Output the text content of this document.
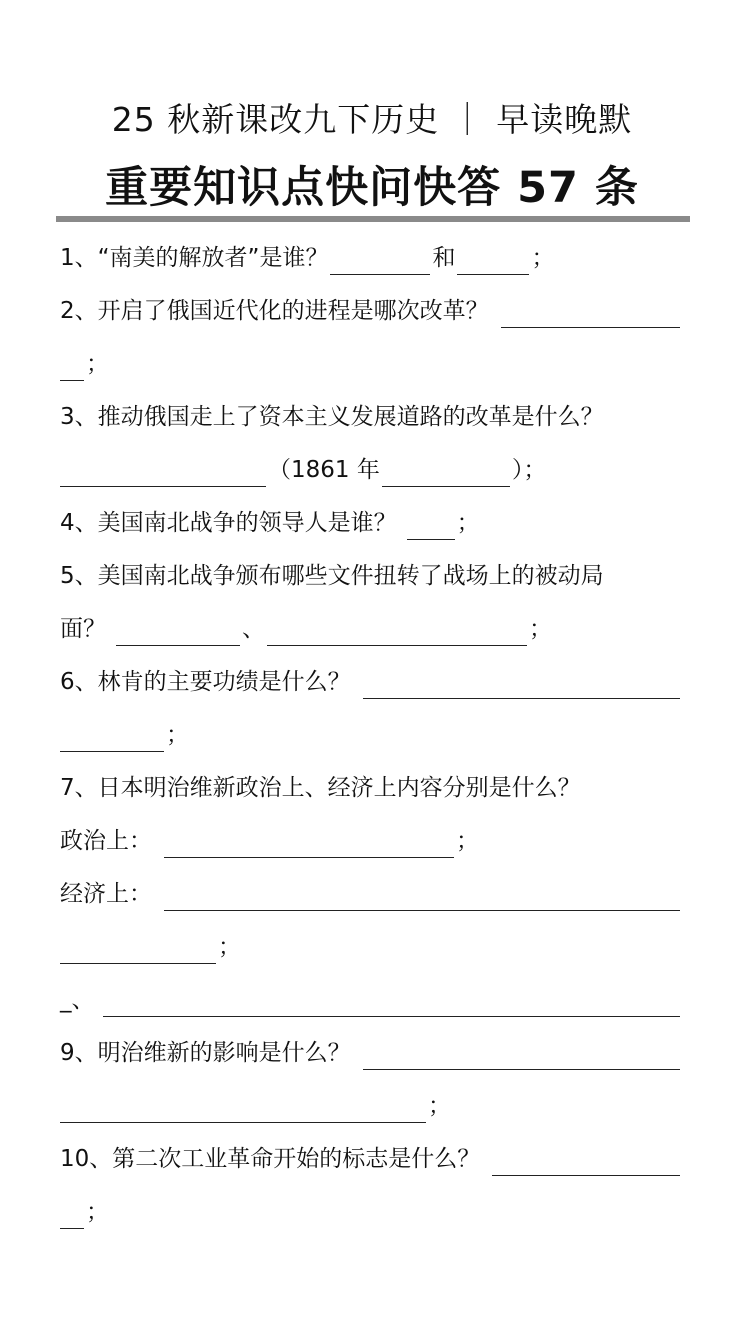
25 秋新课改九下历史 ｜ 早读晚默
重要知识点快问快答 57 条
1、“南美的解放者”是谁？	和	；
2、开启了俄国近代化的进程是哪次改革？
；
3、推动俄国走上了资本主义发展道路的改革是什么？
（1861 年	）；
4、美国南北战争的领导人是谁？	；
5、美国南北战争颁布哪些文件扭转了战场上的被动局
面？	、	；
6、林肯的主要功绩是什么？
；
7、日本明治维新政治上、经济上内容分别是什么？
政治上：	；
经济上：
；
_、
9、明治维新的影响是什么？
；
10、第二次工业革命开始的标志是什么？
；
